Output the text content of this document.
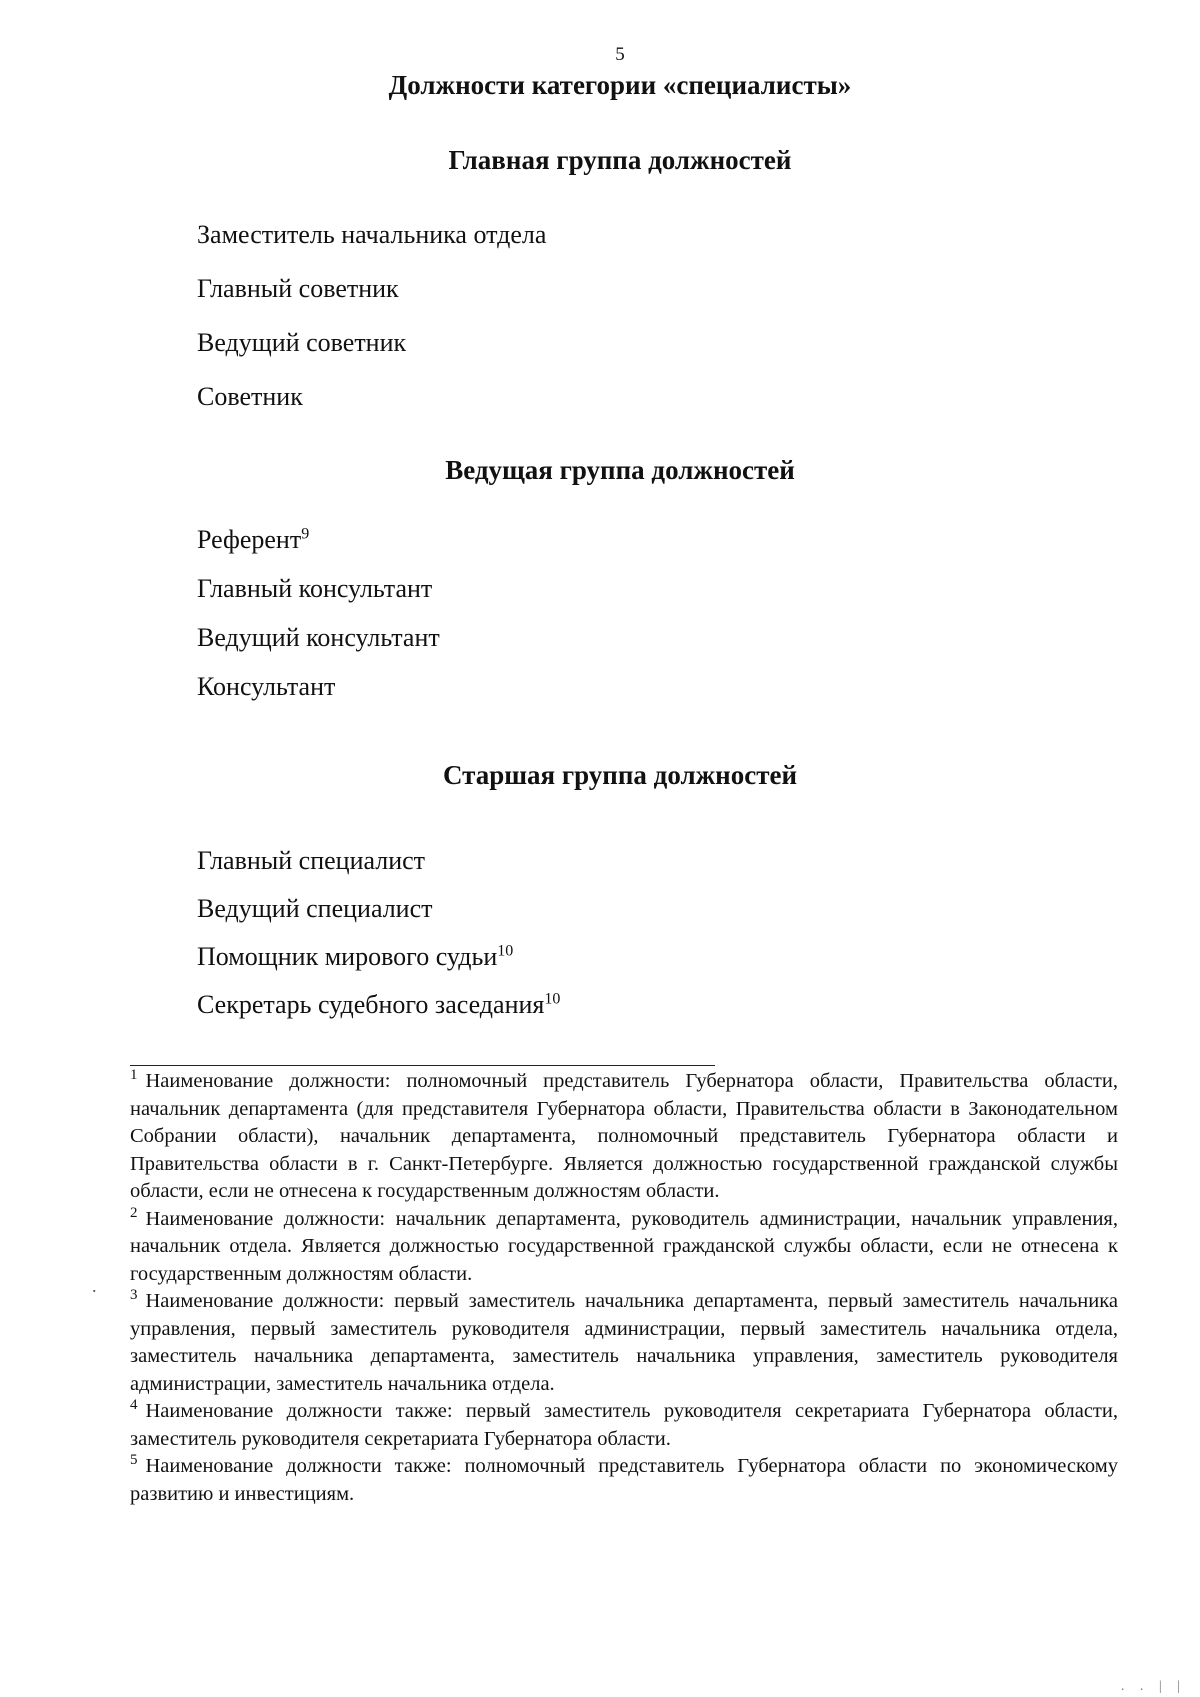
5
Должности категории «специалисты»
Главная группа должностей
Заместитель начальника отдела
Главный советник
Ведущий советник
Советник
Ведущая группа должностей
Референт$^9$
Главный консультант
Ведущий консультант
Консультант
Старшая группа должностей
Главный специалист
Ведущий специалист
Помощник мирового судьи$^{10}$
Секретарь судебного заседания$^{10}$

$^1$ Наименование должности: полномочный представитель Губернатора области, Правительства области, начальник департамента (для представителя Губернатора области, Правительства области в Законодательном Собрании области), начальник департамента, полномочный представитель Губернатора области и Правительства области в г. Санкт-Петербурге. Является должностью государственной гражданской службы области, если не отнесена к государственным должностям области.

$^2$ Наименование должности: начальник департамента, руководитель администрации, начальник управления, начальник отдела. Является должностью государственной гражданской службы области, если не отнесена к государственным должностям области.

$^3$ Наименование должности: первый заместитель начальника департамента, первый заместитель начальника управления, первый заместитель руководителя администрации, первый заместитель начальника отдела, заместитель начальника департамента, заместитель начальника управления, заместитель руководителя администрации, заместитель начальника отдела.

$^4$ Наименование должности также: первый заместитель руководителя секретариата Губернатора области, заместитель руководителя секретариата Губернатора области.

$^5$ Наименование должности также: полномочный представитель Губернатора области по экономическому развитию и инвестициям.

.
. . | |
